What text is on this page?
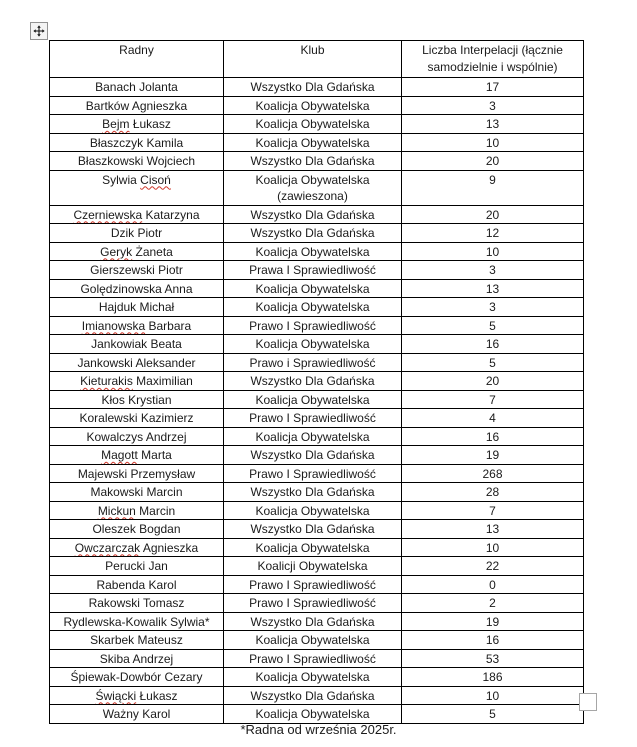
Radny	Klub	Liczba Interpelacji (łącznie samodzielnie i wspólnie)
Banach Jolanta	Wszystko Dla Gdańska	17
Bartków Agnieszka	Koalicja Obywatelska	3
Bejm Łukasz	Koalicja Obywatelska	13
Błaszczyk Kamila	Koalicja Obywatelska	10
Błaszkowski Wojciech	Wszystko Dla Gdańska	20
Sylwia Cisoń	Koalicja Obywatelska (zawieszona)	9
Czerniewska Katarzyna	Wszystko Dla Gdańska	20
Dzik Piotr	Wszystko Dla Gdańska	12
Geryk Żaneta	Koalicja Obywatelska	10
Gierszewski Piotr	Prawa I Sprawiedliwość	3
Golędzinowska Anna	Koalicja Obywatelska	13
Hajduk Michał	Koalicja Obywatelska	3
Imianowska Barbara	Prawo I Sprawiedliwość	5
Jankowiak Beata	Koalicja Obywatelska	16
Jankowski Aleksander	Prawo i Sprawiedliwość	5
Kieturakis Maximilian	Wszystko Dla Gdańska	20
Kłos Krystian	Koalicja Obywatelska	7
Koralewski Kazimierz	Prawo I Sprawiedliwość	4
Kowalczys Andrzej	Koalicja Obywatelska	16
Magott Marta	Wszystko Dla Gdańska	19
Majewski Przemysław	Prawo I Sprawiedliwość	268
Makowski Marcin	Wszystko Dla Gdańska	28
Mickun Marcin	Koalicja Obywatelska	7
Oleszek Bogdan	Wszystko Dla Gdańska	13
Owczarczak Agnieszka	Koalicja Obywatelska	10
Perucki Jan	Koalicji Obywatelska	22
Rabenda Karol	Prawo I Sprawiedliwość	0
Rakowski Tomasz	Prawo I Sprawiedliwość	2
Rydlewska-Kowalik Sylwia*	Wszystko Dla Gdańska	19
Skarbek Mateusz	Koalicja Obywatelska	16
Skiba Andrzej	Prawo I Sprawiedliwość	53
Śpiewak-Dowbór Cezary	Koalicja Obywatelska	186
Świącki Łukasz	Wszystko Dla Gdańska	10
Ważny Karol	Koalicja Obywatelska	5
*Radna od września 2025r.
